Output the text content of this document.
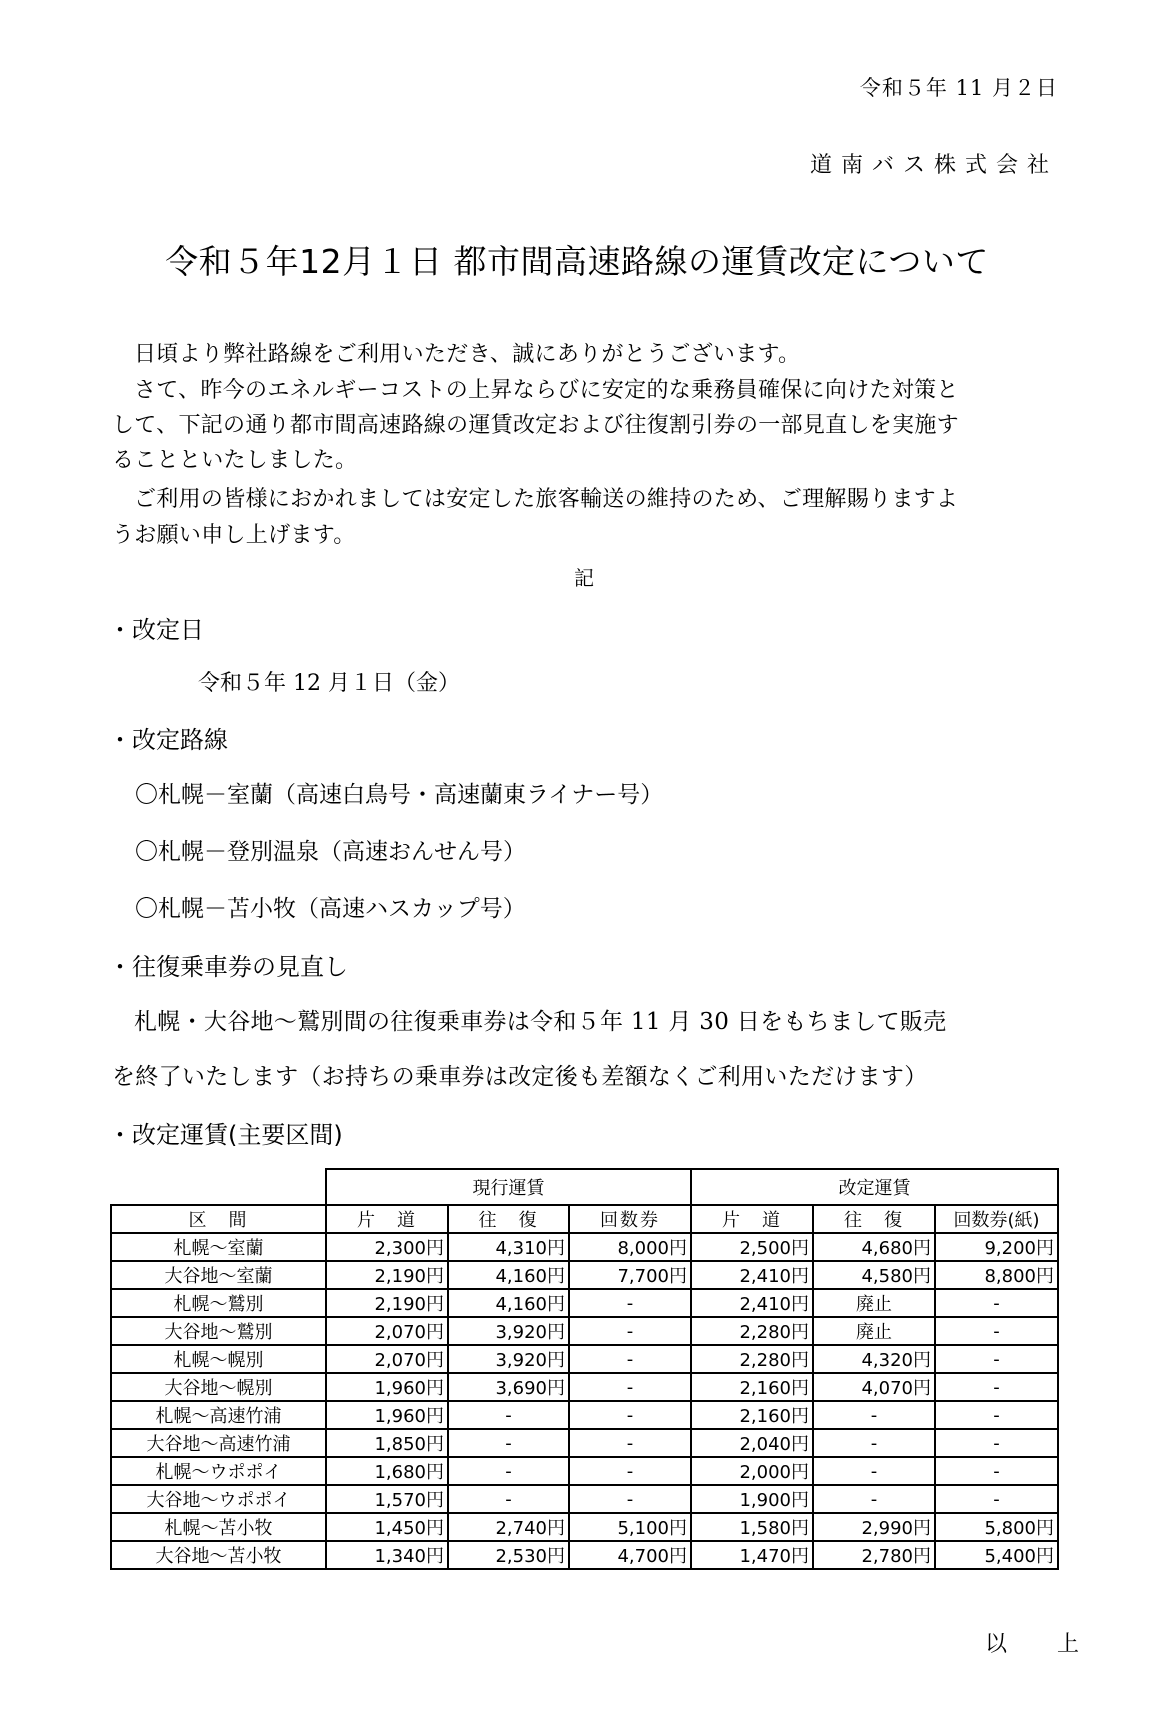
令和５年 11 月２日
道南バス株式会社
令和５年12月１日 都市間高速路線の運賃改定について
日頃より弊社路線をご利用いただき、誠にありがとうございます。
さて、昨今のエネルギーコストの上昇ならびに安定的な乗務員確保に向けた対策と
して、下記の通り都市間高速路線の運賃改定および往復割引券の一部見直しを実施す
ることといたしました。
ご利用の皆様におかれましては安定した旅客輸送の維持のため、ご理解賜りますよ
うお願い申し上げます。
記
・改定日
令和５年 12 月１日（金）
・改定路線
〇札幌－室蘭（高速白鳥号・高速蘭東ライナー号）
〇札幌－登別温泉（高速おんせん号）
〇札幌－苫小牧（高速ハスカップ号）
・往復乗車券の見直し
札幌・大谷地～鷲別間の往復乗車券は令和５年 11 月 30 日をもちまして販売
を終了いたします（お持ちの乗車券は改定後も差額なくご利用いただけます）
・改定運賃(主要区間)
	現行運賃			改定運賃		
区　間	片　道	往　復	回数券	片　道	往　復	回数券(紙)
札幌～室蘭	2,300円	4,310円	8,000円	2,500円	4,680円	9,200円
大谷地～室蘭	2,190円	4,160円	7,700円	2,410円	4,580円	8,800円
札幌～鷲別	2,190円	4,160円	-	2,410円	廃止	-
大谷地～鷲別	2,070円	3,920円	-	2,280円	廃止	-
札幌～幌別	2,070円	3,920円	-	2,280円	4,320円	-
大谷地～幌別	1,960円	3,690円	-	2,160円	4,070円	-
札幌～高速竹浦	1,960円	-	-	2,160円	-	-
大谷地～高速竹浦	1,850円	-	-	2,040円	-	-
札幌～ウポポイ	1,680円	-	-	2,000円	-	-
大谷地～ウポポイ	1,570円	-	-	1,900円	-	-
札幌～苫小牧	1,450円	2,740円	5,100円	1,580円	2,990円	5,800円
大谷地～苫小牧	1,340円	2,530円	4,700円	1,470円	2,780円	5,400円
以　上
